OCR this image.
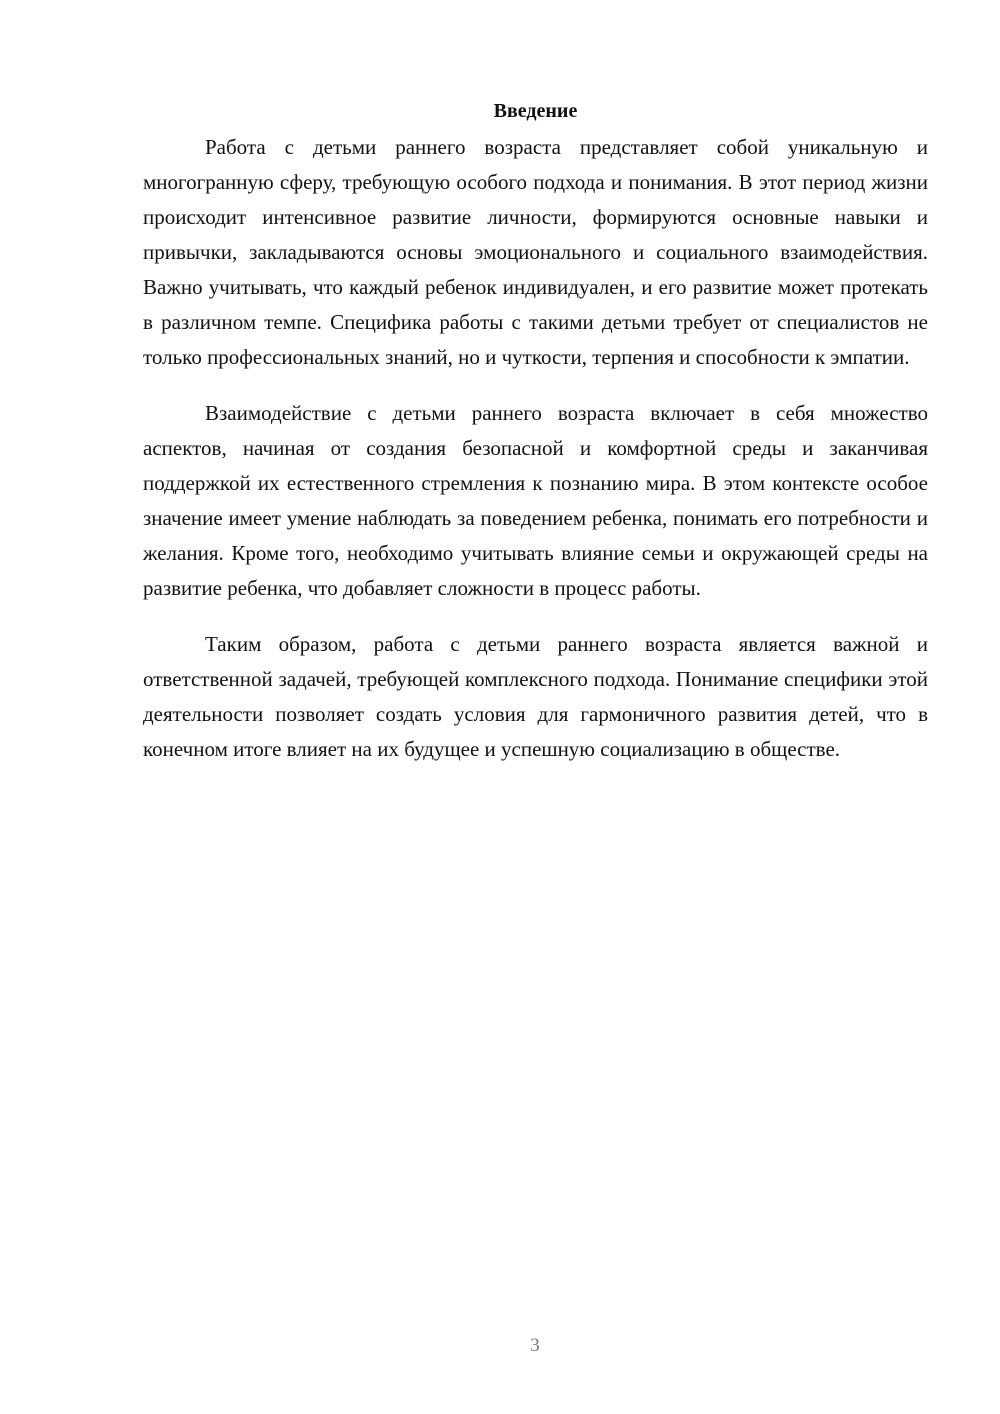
Введение

Работа с детьми раннего возраста представляет собой уникальную и многогранную сферу, требующую особого подхода и понимания. В этот период жизни происходит интенсивное развитие личности, формируются основные навыки и привычки, закладываются основы эмоционального и социального взаимодействия. Важно учитывать, что каждый ребенок индивидуален, и его развитие может протекать в различном темпе. Специфика работы с такими детьми требует от специалистов не только профессиональных знаний, но и чуткости, терпения и способности к эмпатии.

Взаимодействие с детьми раннего возраста включает в себя множество аспектов, начиная от создания безопасной и комфортной среды и заканчивая поддержкой их естественного стремления к познанию мира. В этом контексте особое значение имеет умение наблюдать за поведением ребенка, понимать его потребности и желания. Кроме того, необходимо учитывать влияние семьи и окружающей среды на развитие ребенка, что добавляет сложности в процесс работы.

Таким образом, работа с детьми раннего возраста является важной и ответственной задачей, требующей комплексного подхода. Понимание специфики этой деятельности позволяет создать условия для гармоничного развития детей, что в конечном итоге влияет на их будущее и успешную социализацию в обществе.

3
